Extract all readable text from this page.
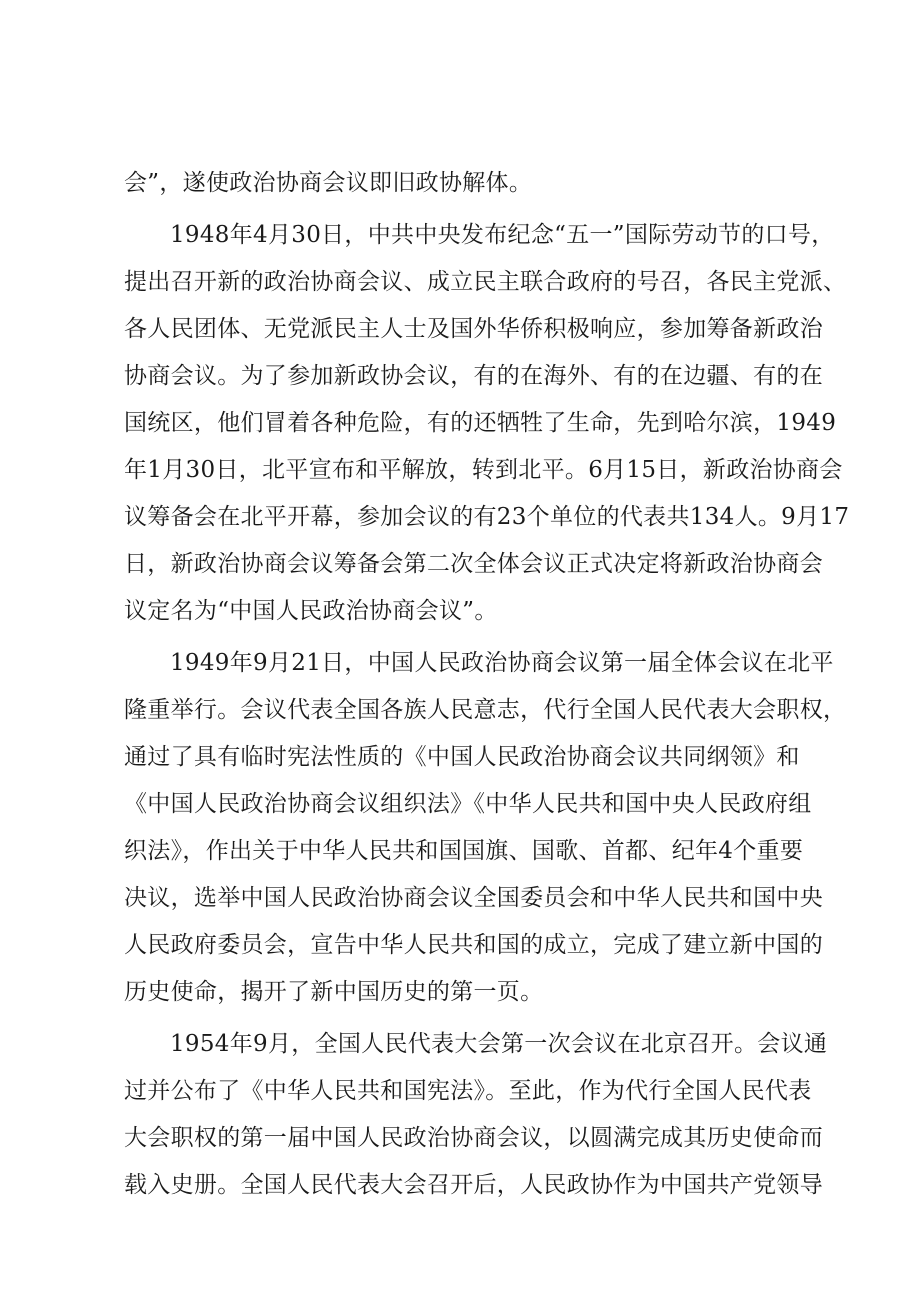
会”，遂使政治协商会议即旧政协解体。
1948年4月30日，中共中央发布纪念“五一”国际劳动节的口号，
提出召开新的政治协商会议、成立民主联合政府的号召，各民主党派、
各人民团体、无党派民主人士及国外华侨积极响应，参加筹备新政治
协商会议。为了参加新政协会议，有的在海外、有的在边疆、有的在
国统区，他们冒着各种危险，有的还牺牲了生命，先到哈尔滨，1949
年1月30日，北平宣布和平解放，转到北平。6月15日，新政治协商会
议筹备会在北平开幕，参加会议的有23个单位的代表共134人。9月17
日，新政治协商会议筹备会第二次全体会议正式决定将新政治协商会
议定名为“中国人民政治协商会议”。
1949年9月21日，中国人民政治协商会议第一届全体会议在北平
隆重举行。会议代表全国各族人民意志，代行全国人民代表大会职权，
通过了具有临时宪法性质的《中国人民政治协商会议共同纲领》和
《中国人民政治协商会议组织法》《中华人民共和国中央人民政府组
织法》，作出关于中华人民共和国国旗、国歌、首都、纪年4个重要
决议，选举中国人民政治协商会议全国委员会和中华人民共和国中央
人民政府委员会，宣告中华人民共和国的成立，完成了建立新中国的
历史使命，揭开了新中国历史的第一页。
1954年9月，全国人民代表大会第一次会议在北京召开。会议通
过并公布了《中华人民共和国宪法》。至此，作为代行全国人民代表
大会职权的第一届中国人民政治协商会议，以圆满完成其历史使命而
载入史册。全国人民代表大会召开后，人民政协作为中国共产党领导
